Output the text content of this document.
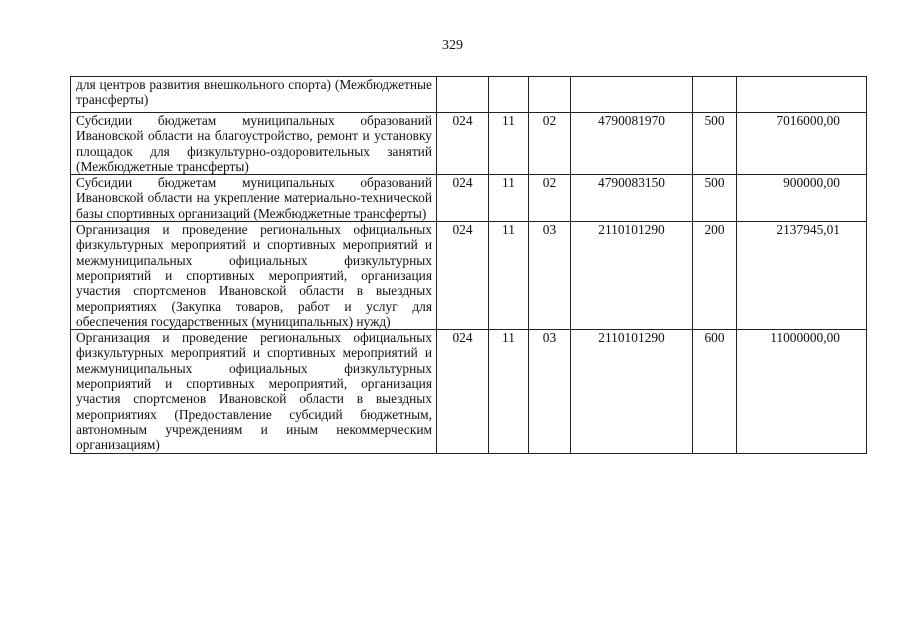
329
для центров развития внешкольного спорта) (Межбюджетные трансферты)						
Субсидии бюджетам муниципальных образований Ивановской области на благоустройство, ремонт и установку площадок для физкультурно-оздоровительных занятий (Межбюджетные трансферты)	024	11	02	4790081970	500	7016000,00
Субсидии бюджетам муниципальных образований Ивановской области на укрепление материально-технической базы спортивных организаций (Межбюджетные трансферты)	024	11	02	4790083150	500	900000,00
Организация и проведение региональных официальных физкультурных мероприятий и спортивных мероприятий и межмуниципальных официальных физкультурных мероприятий и спортивных мероприятий, организация участия спортсменов Ивановской области в выездных мероприятиях (Закупка товаров, работ и услуг для обеспечения государственных (муниципальных) нужд)	024	11	03	2110101290	200	2137945,01
Организация и проведение региональных официальных физкультурных мероприятий и спортивных мероприятий и межмуниципальных официальных физкультурных мероприятий и спортивных мероприятий, организация участия спортсменов Ивановской области в выездных мероприятиях (Предоставление субсидий бюджетным, автономным учреждениям и иным некоммерческим организациям)	024	11	03	2110101290	600	11000000,00
